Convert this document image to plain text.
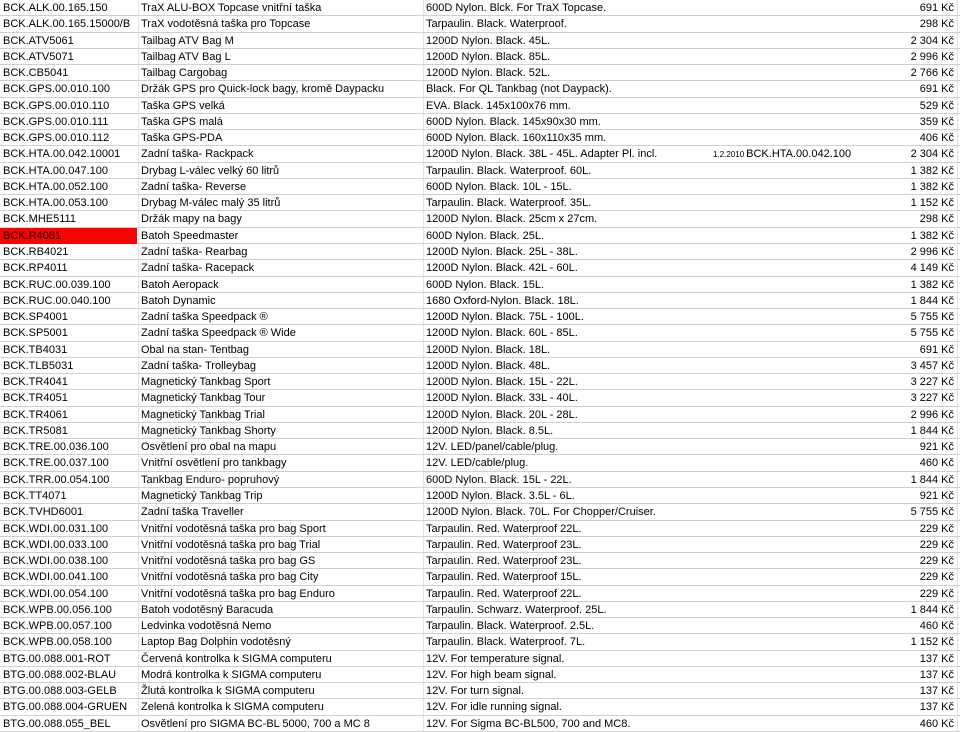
BCK.ALK.00.165.150	TraX ALU-BOX Topcase vnitřní taška	600D Nylon. Blck. For TraX Topcase.	691 Kč
BCK.ALK.00.165.15000/B TraX vodotěsná taška pro Topcase	Tarpaulin. Black. Waterproof.	298 Kč
BCK.ATV5061	Tailbag ATV Bag M	1200D Nylon. Black. 45L.	2 304 Kč
BCK.ATV5071	Tailbag ATV Bag L	1200D Nylon. Black. 85L.	2 996 Kč
BCK.CB5041	Tailbag Cargobag	1200D Nylon. Black. 52L.	2 766 Kč
BCK.GPS.00.010.100	Držák GPS pro Quick-lock bagy, kromě Daypacku	Black. For QL Tankbag (not Daypack).	691 Kč
BCK.GPS.00.010.110	Taška GPS velká	EVA. Black. 145x100x76 mm.	529 Kč
BCK.GPS.00.010.111	Taška GPS malá	600D Nylon. Black. 145x90x30 mm.	359 Kč
BCK.GPS.00.010.112	Taška GPS-PDA	600D Nylon. Black. 160x110x35 mm.	406 Kč
BCK.HTA.00.042.10001	Zadní taška- Rackpack	1200D Nylon. Black. 38L - 45L. Adapter Pl. incl.	1.2.2010 BCK.HTA.00.042.100	2 304 Kč
BCK.HTA.00.047.100	Drybag L-válec velký 60 litrů	Tarpaulin. Black. Waterproof. 60L.	1 382 Kč
BCK.HTA.00.052.100	Zadní taška- Reverse	600D Nylon. Black. 10L - 15L.	1 382 Kč
BCK.HTA.00.053.100	Drybag M-válec malý 35 litrů	Tarpaulin. Black. Waterproof. 35L.	1 152 Kč
BCK.MHE5111	Držák mapy na bagy	1200D Nylon. Black. 25cm x 27cm.	298 Kč
BCK.R4081	Batoh Speedmaster	600D Nylon. Black. 25L.	1 382 Kč
BCK.RB4021	Zadní taška- Rearbag	1200D Nylon. Black. 25L - 38L.	2 996 Kč
BCK.RP4011	Zadní taška- Racepack	1200D Nylon. Black. 42L - 60L.	4 149 Kč
BCK.RUC.00.039.100	Batoh Aeropack	600D Nylon. Black. 15L.	1 382 Kč
BCK.RUC.00.040.100	Batoh Dynamic	1680 Oxford-Nylon. Black. 18L.	1 844 Kč
BCK.SP4001	Zadní taška Speedpack ®	1200D Nylon. Black. 75L - 100L.	5 755 Kč
BCK.SP5001	Zadní taška Speedpack ® Wide	1200D Nylon. Black. 60L - 85L.	5 755 Kč
BCK.TB4031	Obal na stan- Tentbag	1200D Nylon. Black. 18L.	691 Kč
BCK.TLB5031	Zadní taška- Trolleybag	1200D Nylon. Black. 48L.	3 457 Kč
BCK.TR4041	Magnetický Tankbag Sport	1200D Nylon. Black. 15L - 22L.	3 227 Kč
BCK.TR4051	Magnetický Tankbag Tour	1200D Nylon. Black. 33L - 40L.	3 227 Kč
BCK.TR4061	Magnetický Tankbag Trial	1200D Nylon. Black. 20L - 28L.	2 996 Kč
BCK.TR5081	Magnetický Tankbag Shorty	1200D Nylon. Black. 8.5L.	1 844 Kč
BCK.TRE.00.036.100	Osvětlení pro obal na mapu	12V. LED/panel/cable/plug.	921 Kč
BCK.TRE.00.037.100	Vnitřní osvětlení pro tankbagy	12V. LED/cable/plug.	460 Kč
BCK.TRR.00.054.100	Tankbag Enduro- popruhový	600D Nylon. Black. 15L - 22L.	1 844 Kč
BCK.TT4071	Magnetický Tankbag Trip	1200D Nylon. Black. 3.5L - 6L.	921 Kč
BCK.TVHD6001	Zadní taška Traveller	1200D Nylon. Black. 70L. For Chopper/Cruiser.	5 755 Kč
BCK.WDI.00.031.100	Vnitřní vodotěsná taška pro bag Sport	Tarpaulin. Red. Waterproof 22L.	229 Kč
BCK.WDI.00.033.100	Vnitřní vodotěsná taška pro bag Trial	Tarpaulin. Red. Waterproof 23L.	229 Kč
BCK.WDI.00.038.100	Vnitřní vodotěsná taška pro bag GS	Tarpaulin. Red. Waterproof 23L.	229 Kč
BCK.WDI.00.041.100	Vnitřní vodotěsná taška pro bag City	Tarpaulin. Red. Waterproof 15L.	229 Kč
BCK.WDI.00.054.100	Vnitřní vodotěsná taška pro bag Enduro	Tarpaulin. Red. Waterproof 22L.	229 Kč
BCK.WPB.00.056.100	Batoh vodotěsný Baracuda	Tarpaulin. Schwarz. Waterproof. 25L.	1 844 Kč
BCK.WPB.00.057.100	Ledvinka vodotěsná Nemo	Tarpaulin. Black. Waterproof. 2.5L.	460 Kč
BCK.WPB.00.058.100	Laptop Bag Dolphin vodotěsný	Tarpaulin. Black. Waterproof. 7L.	1 152 Kč
BTG.00.088.001-ROT	Červená kontrolka k SIGMA computeru	12V. For temperature signal.	137 Kč
BTG.00.088.002-BLAU	Modrá kontrolka k SIGMA computeru	12V. For high beam signal.	137 Kč
BTG.00.088.003-GELB	Žlutá kontrolka k SIGMA computeru	12V. For turn signal.	137 Kč
BTG.00.088.004-GRUEN	Zelená kontrolka k SIGMA computeru	12V. For idle running signal.	137 Kč
BTG.00.088.055_BEL	Osvětlení pro SIGMA BC-BL 5000, 700 a MC 8	12V. For Sigma BC-BL500, 700 and MC8.	460 Kč
